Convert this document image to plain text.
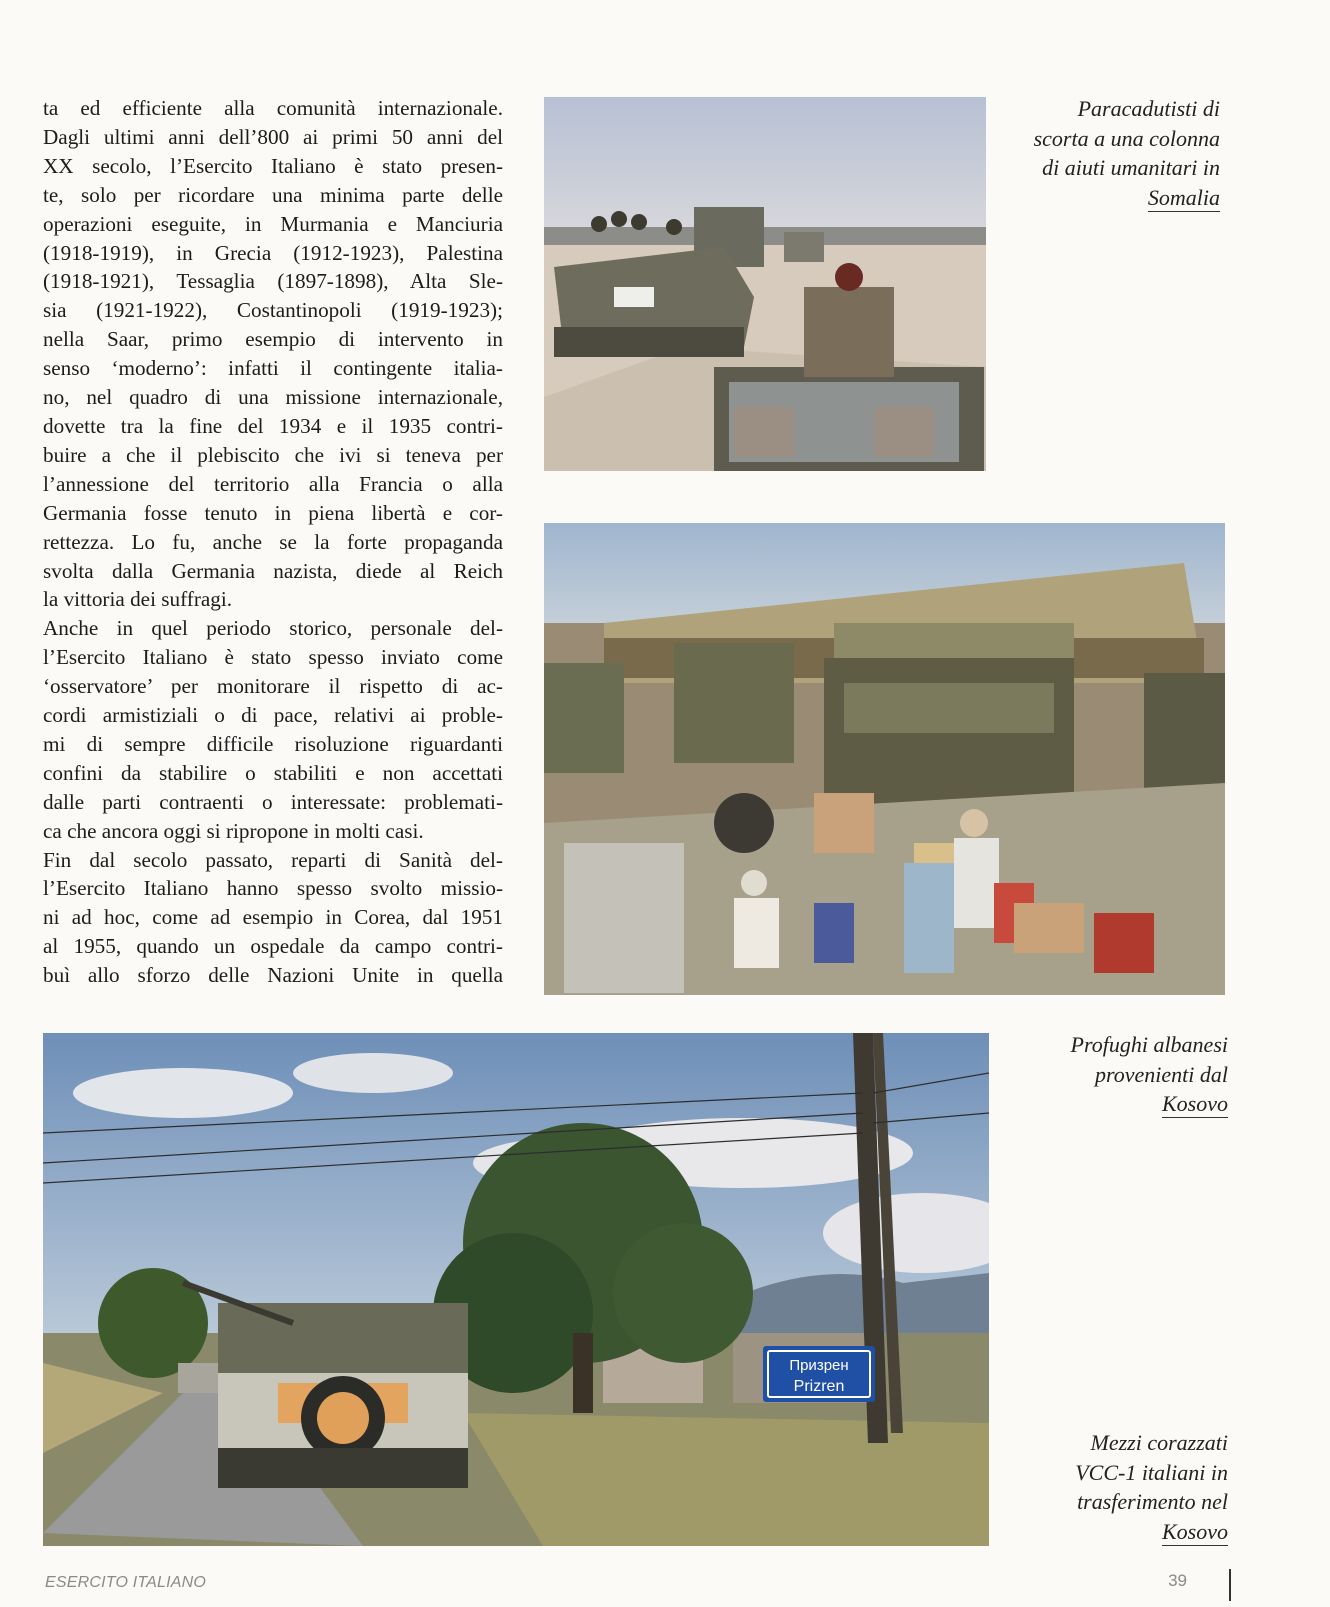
ta ed efficiente alla comunità internazionale.
Dagli ultimi anni dell’800 ai primi 50 anni del
XX secolo, l’Esercito Italiano è stato presen-
te, solo per ricordare una minima parte delle
operazioni eseguite, in Murmania e Manciuria
(1918-1919), in Grecia (1912-1923), Palestina
(1918-1921), Tessaglia (1897-1898), Alta Sle-
sia (1921-1922), Costantinopoli (1919-1923);
nella Saar, primo esempio di intervento in
senso ‘moderno’: infatti il contingente italia-
no, nel quadro di una missione internazionale,
dovette tra la fine del 1934 e il 1935 contri-
buire a che il plebiscito che ivi si teneva per
l’annessione del territorio alla Francia o alla
Germania fosse tenuto in piena libertà e cor-
rettezza. Lo fu, anche se la forte propaganda
svolta dalla Germania nazista, diede al Reich
la vittoria dei suffragi.
Anche in quel periodo storico, personale del-
l’Esercito Italiano è stato spesso inviato come
‘osservatore’ per monitorare il rispetto di ac-
cordi armistiziali o di pace, relativi ai proble-
mi di sempre difficile risoluzione riguardanti
confini da stabilire o stabiliti e non accettati
dalle parti contraenti o interessate: problemati-
ca che ancora oggi si ripropone in molti casi.
Fin dal secolo passato, reparti di Sanità del-
l’Esercito Italiano hanno spesso svolto missio-
ni ad hoc, come ad esempio in Corea, dal 1951
al 1955, quando un ospedale da campo contri-
buì allo sforzo delle Nazioni Unite in quella
Paracadutisti di
scorta a una colonna
di aiuti umanitari in
Somalia
Profughi albanesi
provenienti dal
Kosovo
Призрен
Prizren
Mezzi corazzati
VCC-1 italiani in
trasferimento nel
Kosovo
ESERCITO ITALIANO	39
